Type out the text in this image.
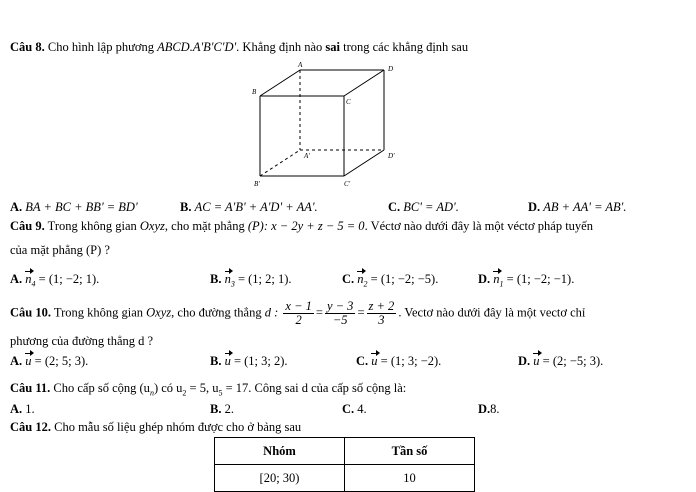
Câu 8. Cho hình lập phương ABCD.A'B'C'D'. Khẳng định nào sai trong các khẳng định sau
A	D
B
C
A'	D'
B'	C'
A. BA + BC + BB' = BD'	B. AC = A'B' + A'D' + AA'.	C. BC' = AD'.	D. AB + AA' = AB'.
Câu 9. Trong không gian Oxyz, cho mặt phẳng (P): x − 2y + z − 5 = 0. Véctơ nào dưới đây là một véctơ pháp tuyến
của mặt phẳng (P) ?
A. $n_4 = (1$; −2; 1).	B. $n_3 = (1$; 2; 1).	C. $n_2 = (1$; −2; −5).	D. $n_1 = (1$; −2; −1).
Câu 10. Trong không gian Oxyz, cho đường thẳng d : $\frac{x - 1}{2} = \frac{y - 3}{-5} = \frac{z + 2}{3}$ . Vectơ nào dưới đây là một vectơ chỉ
phương của đường thẳng d ?
A. u = (2; 5; 3).	B. u = (1; 3; 2).	C. u = (1; 3; −2).	D. u = (2; −5; 3).
Câu 11. Cho cấp số cộng $(u_n)$ có $u_2 = 5$, $u_5 = 17$. Công sai d của cấp số cộng là:
A. 1.	B. 2.	C. 4.	D.8.
Câu 12. Cho mẫu số liệu ghép nhóm được cho ở bảng sau
Nhóm	Tần số
[20; 30)	10
